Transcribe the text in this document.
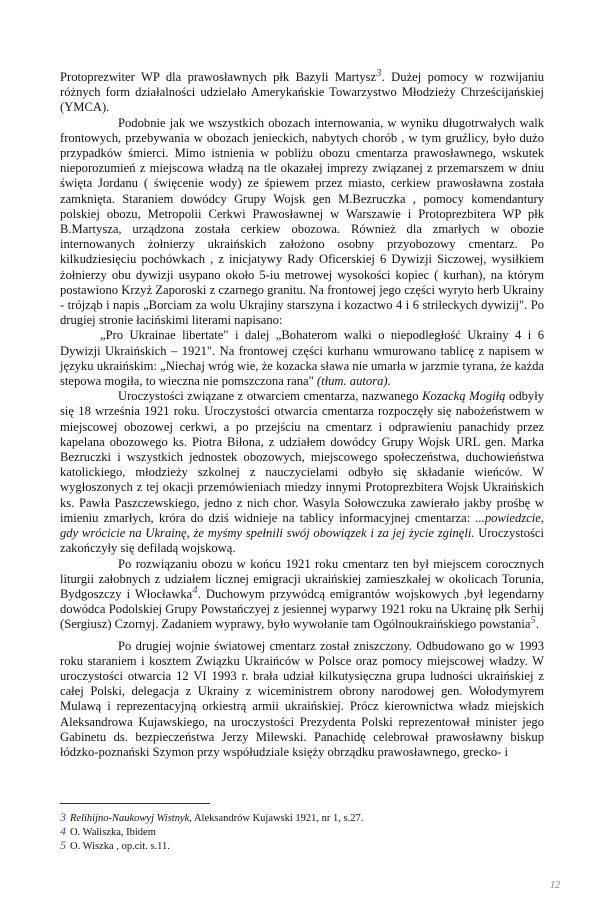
Protoprezwiter WP dla prawosławnych płk Bazyli Martysz3. Dużej pomocy w rozwijaniu różnych form działalności udzielało Amerykańskie Towarzystwo Młodzieży Chrześcijańskiej (YMCA).

Podobnie jak we wszystkich obozach internowania, w wyniku długotrwałych walk frontowych, przebywania w obozach jenieckich, nabytych chorób , w tym gruźlicy, było dużo przypadków śmierci. Mimo istnienia w pobliżu obozu cmentarza prawosławnego, wskutek nieporozumień z miejscowa władzą na tle okazałej imprezy związanej z przemarszem w dniu święta Jordanu ( święcenie wody) ze śpiewem przez miasto, cerkiew prawosławna została zamknięta. Staraniem dowódcy Grupy Wojsk gen M.Bezruczka , pomocy komendantury polskiej obozu, Metropolii Cerkwi Prawosławnej w Warszawie i Protoprezbitera WP płk B.Martysza, urządzona została cerkiew obozowa. Również dla zmarłych w obozie internowanych żołnierzy ukraińskich założono osobny przyobozowy cmentarz. Po kilkudziesięciu pochówkach , z inicjatywy Rady Oficerskiej 6 Dywizji Siczowej, wysiłkiem żołnierzy obu dywizji usypano około 5-iu metrowej wysokości kopiec ( kurhan), na którym postawiono Krzyż Zaporoski z czarnego granitu. Na frontowej jego części wyryto herb Ukrainy - trójząb i napis „Borciam za wolu Ukrajiny starszyna i kozactwo 4 i 6 strileckych dywizij". Po drugiej stronie łacińskimi literami napisano:

„Pro Ukrainae libertate" i dalej „Bohaterom walki o niepodległość Ukrainy 4 i 6 Dywizji Ukraińskich – 1921". Na frontowej części kurhanu wmurowano tablicę z napisem w języku ukraińskim: „Niechaj wróg wie, że kozacka sława nie umarła w jarzmie tyrana, że każda stepowa mogiła, to wieczna nie pomszczona rana" (tłum. autora).

Uroczystości związane z otwarciem cmentarza, nazwanego Kozacką Mogiłą odbyły się 18 września 1921 roku. Uroczystości otwarcia cmentarza rozpoczęły się nabożeństwem w miejscowej obozowej cerkwi, a po przejściu na cmentarz i odprawieniu panachidy przez kapelana obozowego ks. Piotra Biłona, z udziałem dowódcy Grupy Wojsk URL gen. Marka Bezruczki i wszystkich jednostek obozowych, miejscowego społeczeństwa, duchowieństwa katolickiego, młodzieży szkolnej z nauczycielami odbyło się składanie wieńców. W wygłoszonych z tej okacji przemówieniach miedzy innymi Protoprezbitera Wojsk Ukraińskich ks. Pawła Paszczewskiego, jedno z nich chor. Wasyla Sołowczuka zawierało jakby prośbę w imieniu zmarłych, króra do dziś widnieje na tablicy informacyjnej cmentarza: ...powiedzcie, gdy wrócicie na Ukrainę, że myśmy spełnili swój obowiązek i za jej życie zginęli. Uroczystości zakończyły się defiladą wojskową.

Po rozwiązaniu obozu w końcu 1921 roku cmentarz ten był miejscem corocznych liturgii załobnych z udziałem licznej emigracji ukraińskiej zamieszkałej w okolicach Torunia, Bydgoszczy i Włocławka4. Duchowym przywódcą emigrantów wojskowych ,był legendarny dowódca Podolskiej Grupy Powstańczyej z jesiennej wyparwy 1921 roku na Ukrainę płk Serhij (Sergiusz) Czornyj. Zadaniem wyprawy, było wywołanie tam Ogólnoukraińskiego powstania5.

Po drugiej wojnie światowej cmentarz został zniszczony. Odbudowano go w 1993 roku staraniem i kosztem Związku Ukraińców w Polsce oraz pomocy miejscowej władzy. W uroczystości otwarcia 12 VI 1993 r. brała udział kilkutysięczna grupa ludności ukraińskiej z całej Polski, delegacja z Ukrainy z wiceministrem obrony narodowej gen. Wołodymyrem Mulawą i reprezentacyjną orkiestrą armii ukraińskiej. Prócz kierownictwa władz miejskich Aleksandrowa Kujawskiego, na uroczystości Prezydenta Polski reprezentował minister jego Gabinetu ds. bezpieczeństwa Jerzy Milewski. Panachidę celebrował prawosławny biskup łódzko-poznański Szymon przy współudziale księży obrządku prawosławnego, grecko- i

3 Relihijno-Naukowyj Wistnyk, Aleksandrów Kujawski 1921, nr 1, s.27.
4 O. Waliszka, Ibidem
5 O. Wiszka , op.cit. s.11.
12
